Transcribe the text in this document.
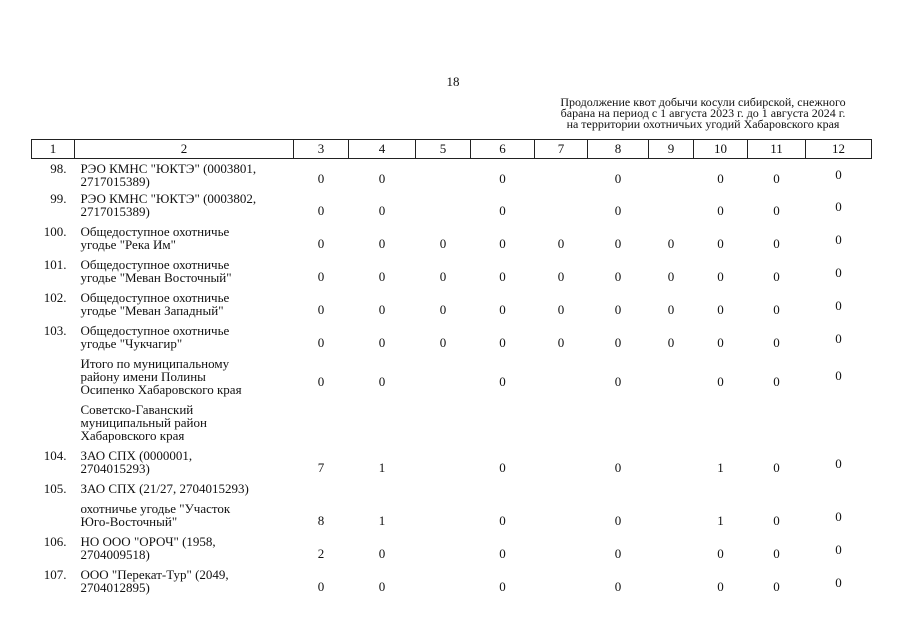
18
Продолжение квот добычи косули сибирской, снежного
барана на период с 1 августа 2023 г. до 1 августа 2024 г.
на территории охотничьих угодий Хабаровского края
1	2	3	4	5	6	7	8	9	10	11	12
98.	РЭО КМНС "ЮКТЭ" (0003801,
2717015389)	0	0		0		0		0	0	0
99.	РЭО КМНС "ЮКТЭ" (0003802,
2717015389)	0	0		0		0		0	0	0
100.	Общедоступное охотничье
угодье "Река Им"	0	0	0	0	0	0	0	0	0	0
101.	Общедоступное охотничье
угодье "Меван Восточный"	0	0	0	0	0	0	0	0	0	0
102.	Общедоступное охотничье
угодье "Меван Западный"	0	0	0	0	0	0	0	0	0	0
103.	Общедоступное охотничье
угодье "Чукчагир"	0	0	0	0	0	0	0	0	0	0

	Итого по муниципальному
району имени Полины
Осипенко Хабаровского края	0	0		0		0		0	0	0

	Советско-Гаванский
муниципальный район
Хабаровского края										

104.	ЗАО СПХ (0000001,
2704015293)	7	1		0		0		1	0	0
105.	ЗАО СПХ (21/27, 2704015293)										

	охотничье угодье "Участок
Юго-Восточный"	8	1		0		0		1	0	0
106.	НО ООО "ОРОЧ" (1958,
2704009518)	2	0		0		0		0	0	0
107.	ООО "Перекат-Тур" (2049,
2704012895)	0	0		0		0		0	0	0
